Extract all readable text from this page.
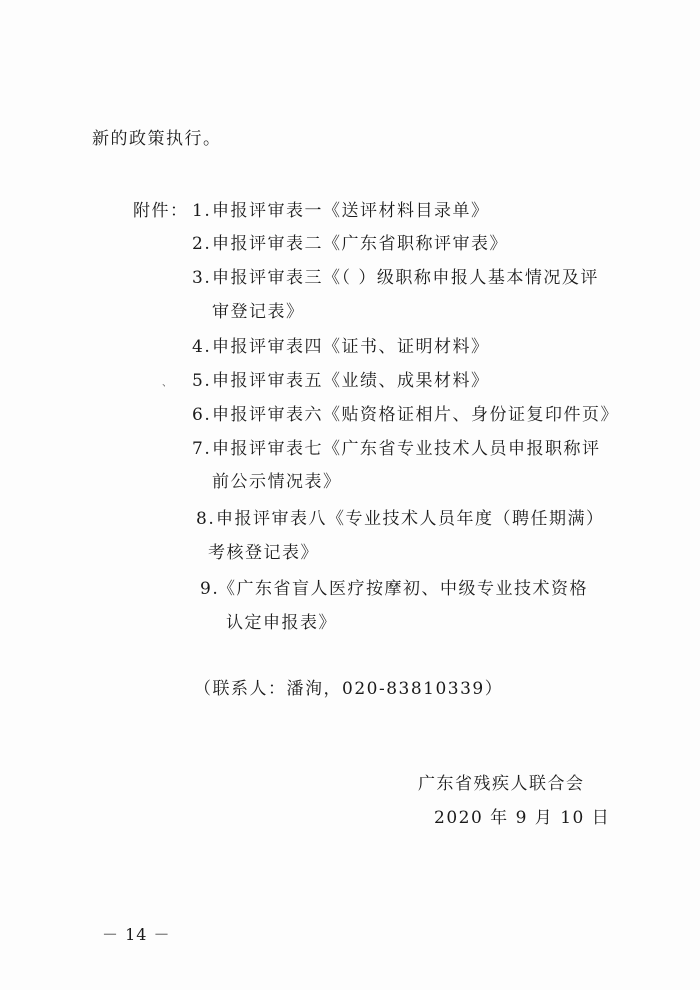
新的政策执行。
附件： 1. 申报评审表一《送评材料目录单》
2. 申报评审表二《广东省职称评审表》
3. 申报评审表三《（ ）级职称申报人基本情况及评
审登记表》
4. 申报评审表四《证书、证明材料》
、 5. 申报评审表五《业绩、成果材料》
6. 申报评审表六《贴资格证相片、身份证复印件页》
7. 申报评审表七《广东省专业技术人员申报职称评
前公示情况表》
8. 申报评审表八《专业技术人员年度（聘任期满）
考核登记表》
9.
《广东省盲人医疗按摩初、中级专业技术资格
认定申报表》
（联系人：潘洵，020-83810339）
广东省残疾人联合会
2020 年 9 月 10 日
－ 14 －
